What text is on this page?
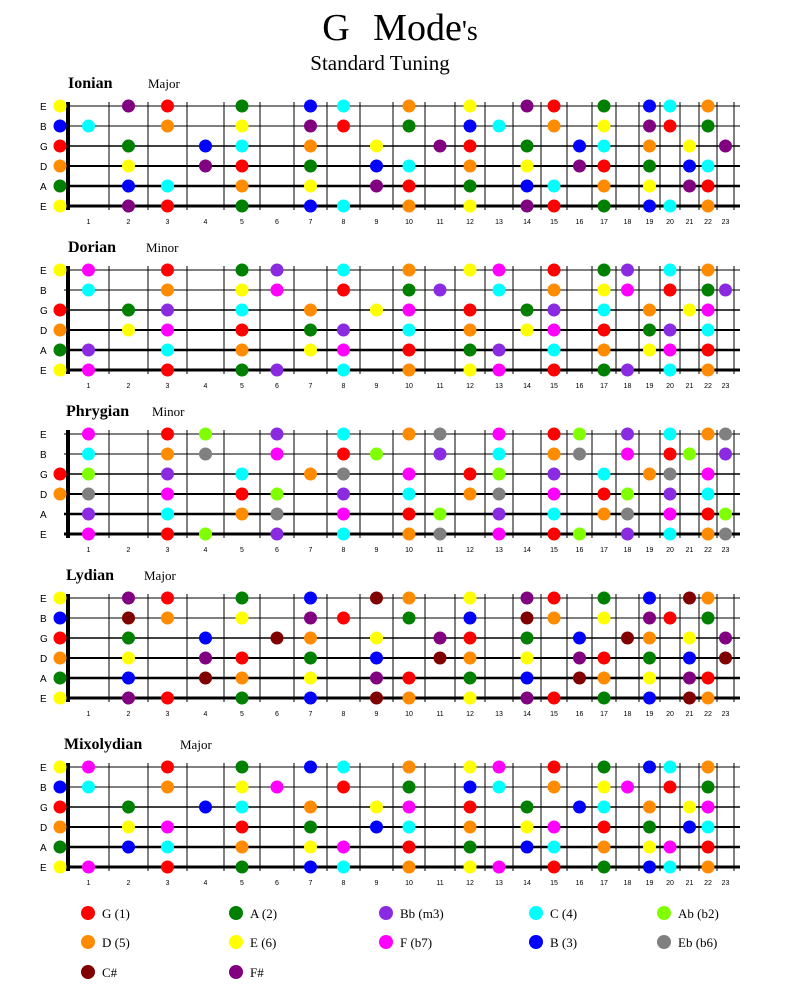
G Mode's
Standard Tuning
Ionian	Major
E
B
G
D
A
E
1	2	3	4	5	6	7	8	9	10	11	12	13	14	15	16 17 18 19 20 21 22 23
Dorian Minor
E
B
G
D
A
E
1	2	3	4	5	6	7	8	9	10	11	12	13	14	15	16 17 18 19 20 21 22 23
Phrygian Minor
E
B
G
D
A
E
1	2	3	4	5	6	7	8	9	10	11	12	13	14	15	16 17 18 19 20 21 22 23
Lydian Major
E
B
G
D
A
E
1	2	3	4	5	6	7	8	9	10	11	12	13	14	15	16 17 18 19 20 21 22 23
Mixolydian	Major
E
B
G
D
A
E
1	2	3	4	5	6	7	8	9	10	11	12	13	14	15	16 17 18 19 20 21 22 23
G (1)	A (2)	Bb (m3)	C (4)	Ab (b2)
D (5)	E (6)	F (b7)	B (3)	Eb (b6)
C#	F#
